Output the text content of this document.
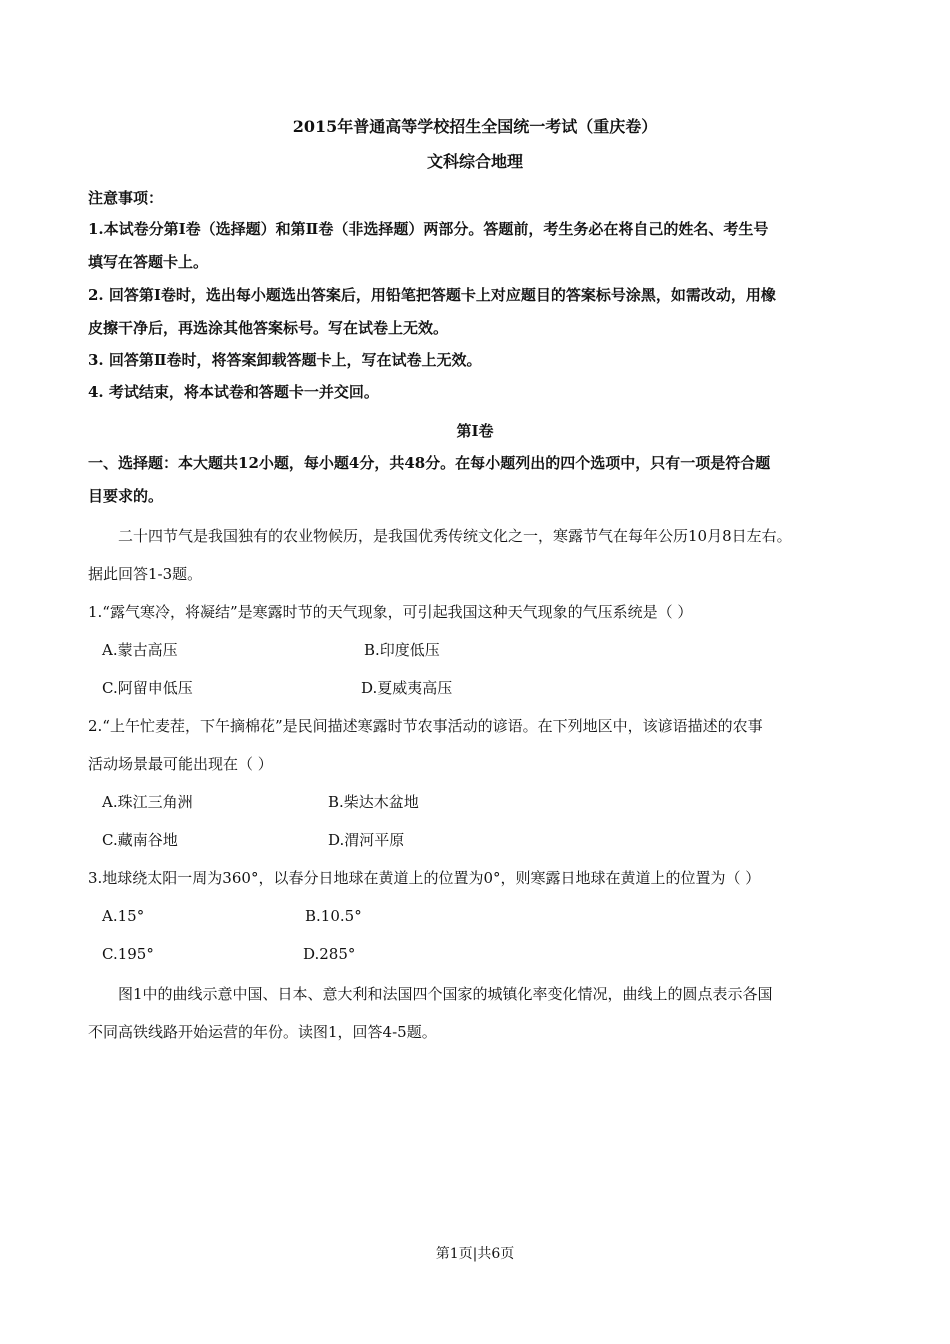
2015年普通高等学校招生全国统一考试（重庆卷）
文科综合地理
注意事项：
1.本试卷分第Ⅰ卷（选择题）和第Ⅱ卷（非选择题）两部分。答题前，考生务必在将自己的姓名、考生号
填写在答题卡上。
2. 回答第Ⅰ卷时，选出每小题选出答案后，用铅笔把答题卡上对应题目的答案标号涂黑，如需改动，用橡
皮擦干净后，再选涂其他答案标号。写在试卷上无效。
3. 回答第Ⅱ卷时，将答案卸载答题卡上，写在试卷上无效。
4. 考试结束，将本试卷和答题卡一并交回。
第Ⅰ卷
一、选择题：本大题共12小题，每小题4分，共48分。在每小题列出的四个选项中，只有一项是符合题
目要求的。
二十四节气是我国独有的农业物候历，是我国优秀传统文化之一，寒露节气在每年公历10月8日左右。
据此回答1-3题。
1.“露气寒冷，将凝结”是寒露时节的天气现象，可引起我国这种天气现象的气压系统是（ ）
A.蒙古高压	B.印度低压
C.阿留申低压	D.夏威夷高压
2.“上午忙麦茬，下午摘棉花”是民间描述寒露时节农事活动的谚语。在下列地区中，该谚语描述的农事
活动场景最可能出现在（ ）
A.珠江三角洲	B.柴达木盆地
C.藏南谷地	D.渭河平原
3.地球绕太阳一周为360°，以春分日地球在黄道上的位置为0°，则寒露日地球在黄道上的位置为（ ）
A.15°	B.10.5°
C.195°	D.285°
图1中的曲线示意中国、日本、意大利和法国四个国家的城镇化率变化情况，曲线上的圆点表示各国
不同高铁线路开始运营的年份。读图1，回答4-5题。
第1页|共6页
